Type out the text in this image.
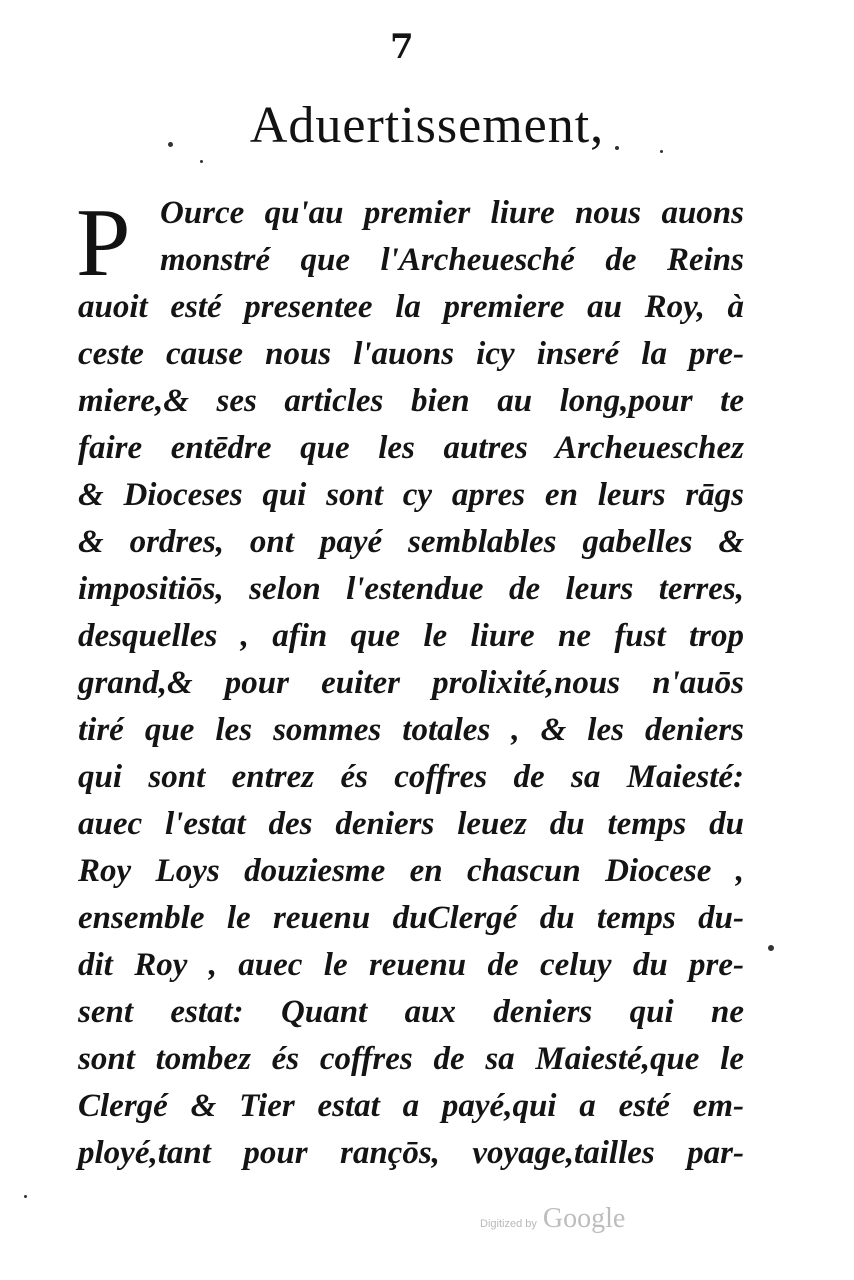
7
Aduertissement,
P Ource qu'au premier liure nous auons
monstré que l'Archeuesché de Reins
auoit esté presentee la premiere au Roy, à
ceste cause nous l'auons icy inseré la pre-
miere,& ses articles bien au long,pour te
faire entēdre que les autres Archeueschez
& Dioceses qui sont cy apres en leurs rāgs
& ordres, ont payé semblables gabelles &
impositiōs, selon l'estendue de leurs terres,
desquelles , afin que le liure ne fust trop
grand,& pour euiter prolixité,nous n'auōs
tiré que les sommes totales , & les deniers
qui sont entrez és coffres de sa Maiesté:
auec l'estat des deniers leuez du temps du
Roy Loys douziesme en chascun Diocese ,
ensemble le reuenu duClergé du temps du-
dit Roy , auec le reuenu de celuy du pre-
sent estat: Quant aux deniers qui ne
sont tombez és coffres de sa Maiesté,que le
Clergé & Tier estat a payé,qui a esté em-
ployé,tant pour rançōs, voyage,tailles par-
Digitized by Google
